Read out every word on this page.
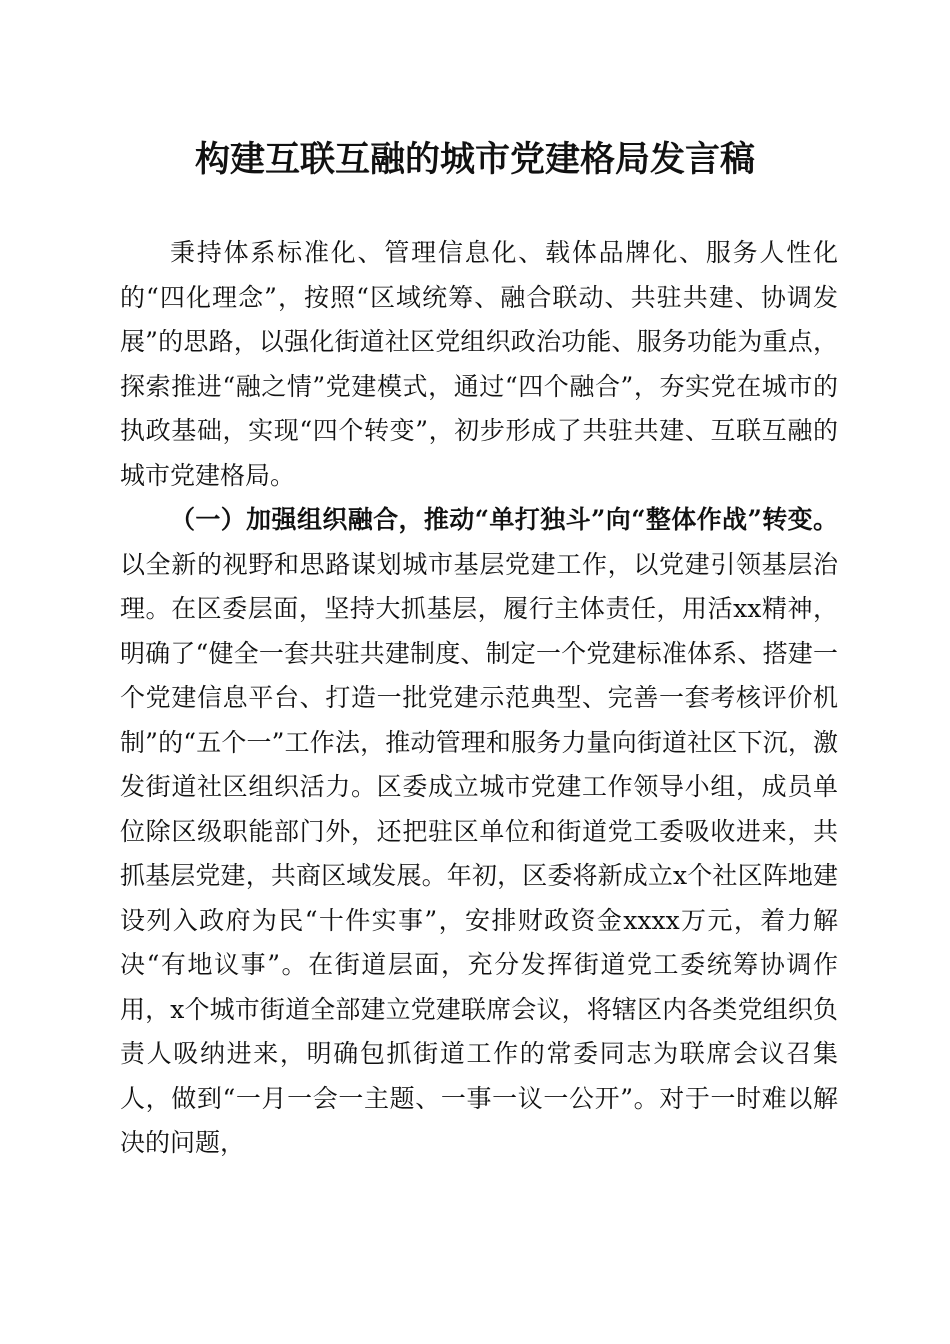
构建互联互融的城市党建格局发言稿

秉持体系标准化、管理信息化、载体品牌化、服务人性化的“四化理念”，按照“区域统筹、融合联动、共驻共建、协调发展”的思路，以强化街道社区党组织政治功能、服务功能为重点，探索推进“融之情”党建模式，通过“四个融合”，夯实党在城市的执政基础，实现“四个转变”，初步形成了共驻共建、互联互融的城市党建格局。

（一）加强组织融合，推动“单打独斗”向“整体作战”转变。以全新的视野和思路谋划城市基层党建工作，以党建引领基层治理。在区委层面，坚持大抓基层，履行主体责任，用活xx精神，明确了“健全一套共驻共建制度、制定一个党建标准体系、搭建一个党建信息平台、打造一批党建示范典型、完善一套考核评价机制”的“五个一”工作法，推动管理和服务力量向街道社区下沉，激发街道社区组织活力。区委成立城市党建工作领导小组，成员单位除区级职能部门外，还把驻区单位和街道党工委吸收进来，共抓基层党建，共商区域发展。年初，区委将新成立x个社区阵地建设列入政府为民“十件实事”，安排财政资金xxxx万元，着力解决“有地议事”。在街道层面，充分发挥街道党工委统筹协调作用，x个城市街道全部建立党建联席会议，将辖区内各类党组织负责人吸纳进来，明确包抓街道工作的常委同志为联席会议召集人，做到“一月一会一主题、一事一议一公开”。对于一时难以解决的问题，
